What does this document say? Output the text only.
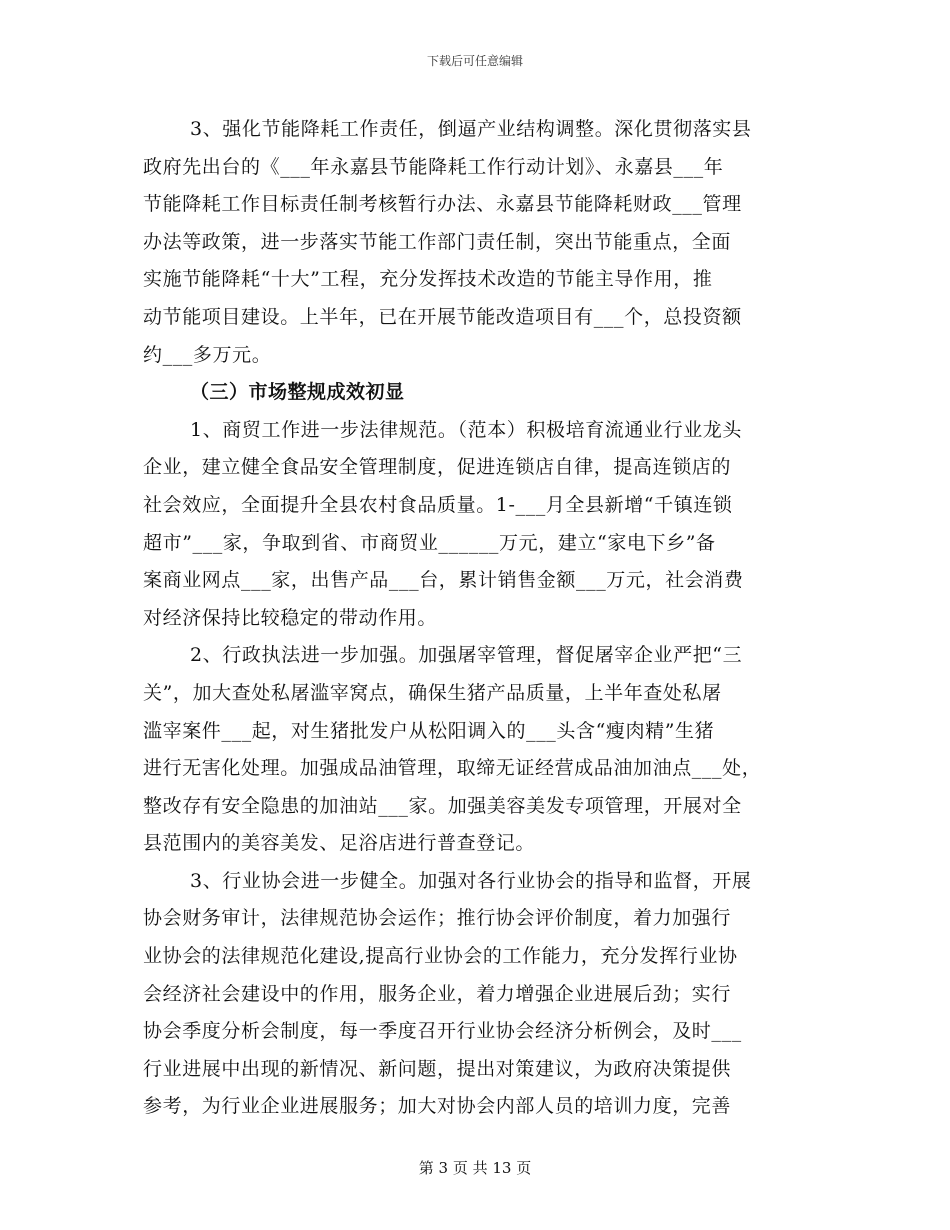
下载后可任意编辑
3、强化节能降耗工作责任，倒逼产业结构调整。深化贯彻落实县
政府先出台的《___年永嘉县节能降耗工作行动计划》、永嘉县___年
节能降耗工作目标责任制考核暂行办法、永嘉县节能降耗财政___管理
办法等政策，进一步落实节能工作部门责任制，突出节能重点，全面
实施节能降耗“十大”工程，充分发挥技术改造的节能主导作用，推
动节能项目建设。上半年，已在开展节能改造项目有___个，总投资额
约___多万元。
（三）市场整规成效初显
1、商贸工作进一步法律规范。（范本）积极培育流通业行业龙头
企业，建立健全食品安全管理制度，促进连锁店自律，提高连锁店的
社会效应，全面提升全县农村食品质量。1-___月全县新增“千镇连锁
超市”___家，争取到省、市商贸业______万元，建立“家电下乡”备
案商业网点___家，出售产品___台，累计销售金额___万元，社会消费
对经济保持比较稳定的带动作用。
2、行政执法进一步加强。加强屠宰管理，督促屠宰企业严把“三
关”，加大查处私屠滥宰窝点，确保生猪产品质量，上半年查处私屠
滥宰案件___起，对生猪批发户从松阳调入的___头含“瘦肉精”生猪
进行无害化处理。加强成品油管理，取缔无证经营成品油加油点___处，
整改存有安全隐患的加油站___家。加强美容美发专项管理，开展对全
县范围内的美容美发、足浴店进行普查登记。
3、行业协会进一步健全。加强对各行业协会的指导和监督，开展
协会财务审计，法律规范协会运作；推行协会评价制度，着力加强行
业协会的法律规范化建设,提高行业协会的工作能力，充分发挥行业协
会经济社会建设中的作用，服务企业，着力增强企业进展后劲；实行
协会季度分析会制度，每一季度召开行业协会经济分析例会，及时___
行业进展中出现的新情况、新问题，提出对策建议，为政府决策提供
参考，为行业企业进展服务；加大对协会内部人员的培训力度，完善
第 3 页 共 13 页
